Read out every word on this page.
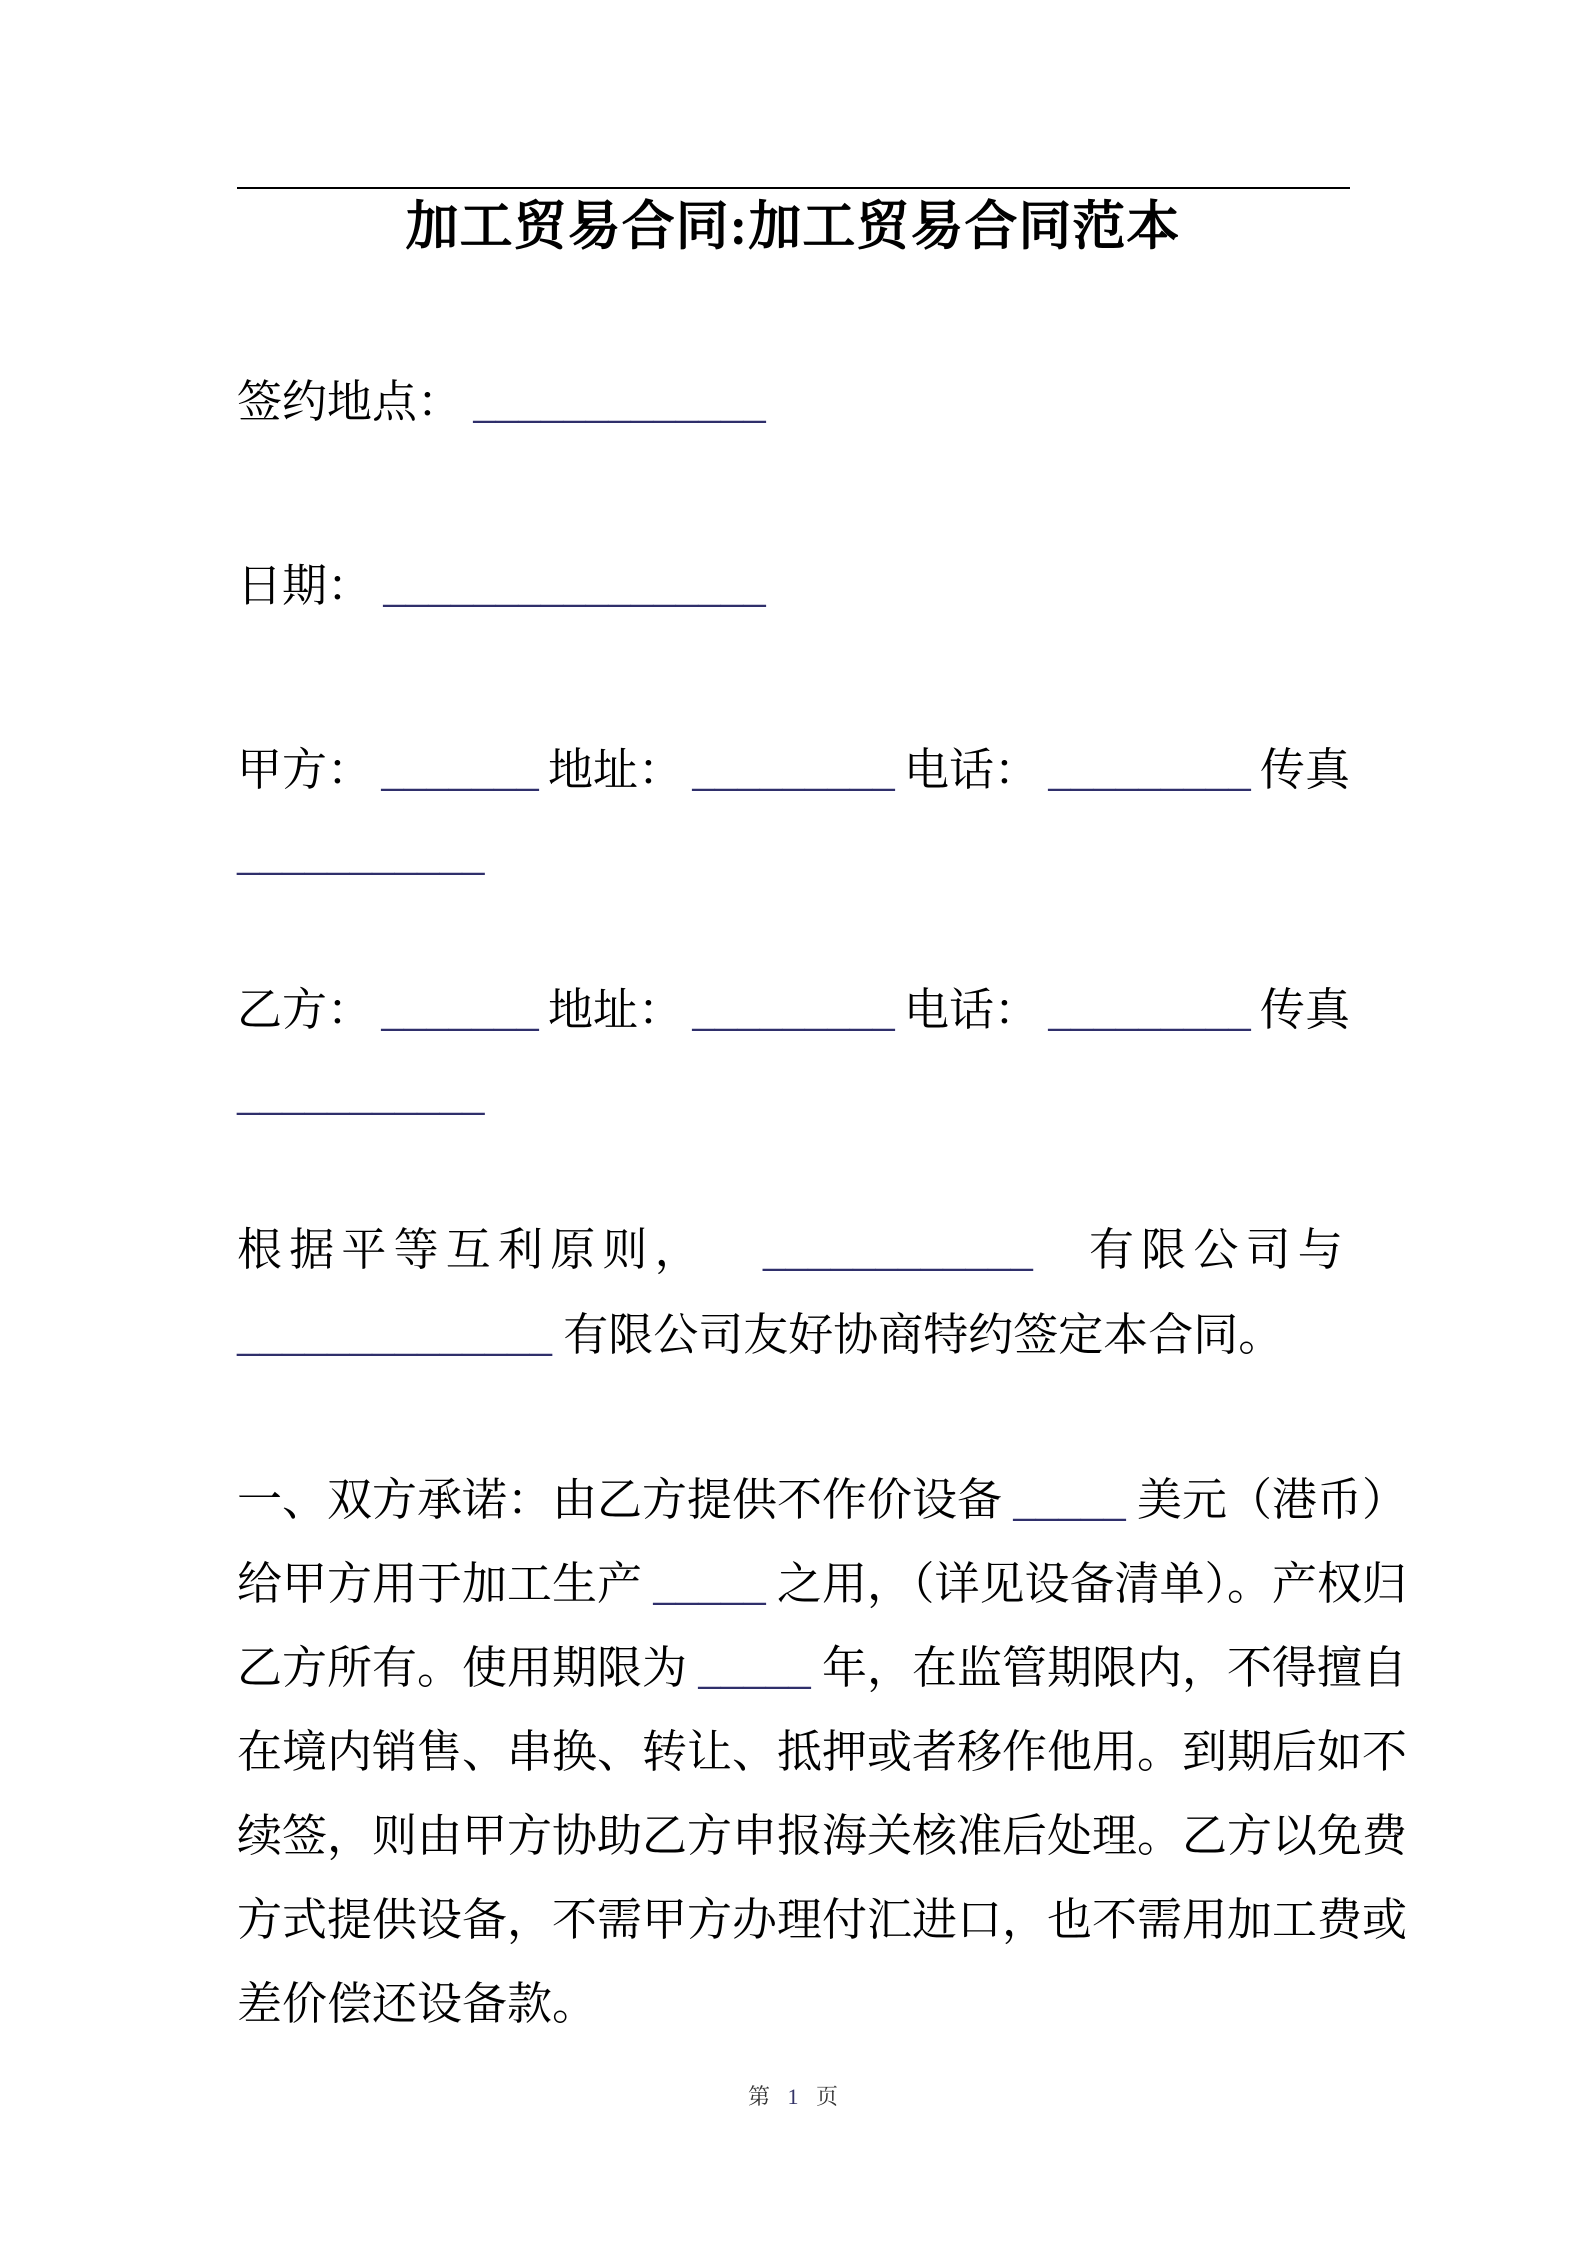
加工贸易合同:加工贸易合同范本
签约地点： _____________
日期： _________________
甲方： _______ 地址： _________ 电话： _________ 传真
___________
乙方： _______ 地址： _________ 电话： _________ 传真
___________
根据平等互利原则， ____________ 有限公司与
______________ 有限公司友好协商特约签定本合同。
一、双方承诺：由乙方提供不作价设备 _____ 美元（港币）
给甲方用于加工生产 _____ 之用，（详见设备清单）。产权归
乙方所有。使用期限为 _____ 年，在监管期限内，不得擅自
在境内销售、串换、转让、抵押或者移作他用。到期后如不
续签，则由甲方协助乙方申报海关核准后处理。乙方以免费
方式提供设备，不需甲方办理付汇进口，也不需用加工费或
差价偿还设备款。
第 1 页
